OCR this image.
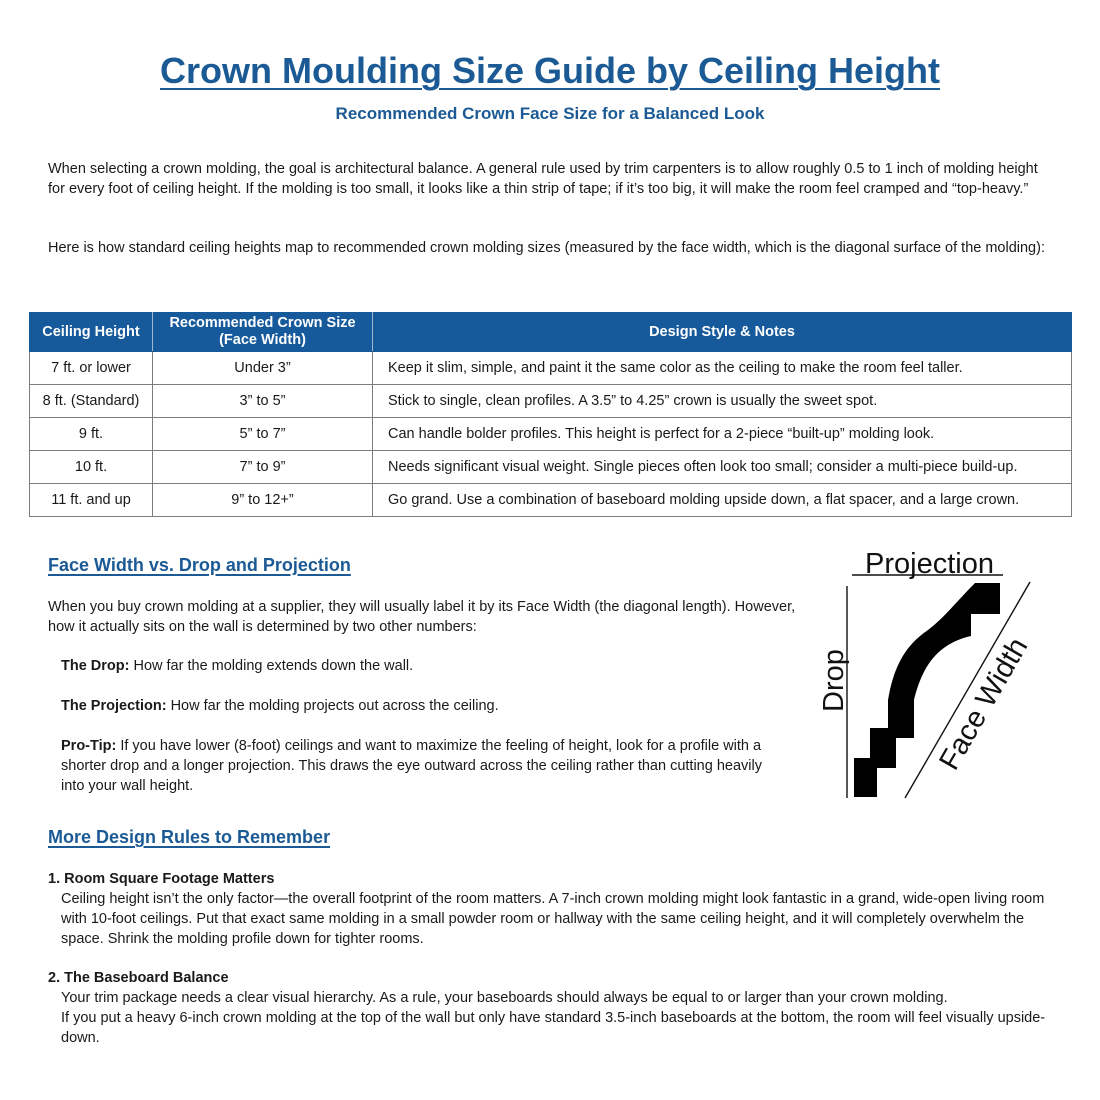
Crown Moulding Size Guide by Ceiling Height
Recommended Crown Face Size for a Balanced Look
When selecting a crown molding, the goal is architectural balance. A general rule used by trim carpenters is to allow roughly 0.5 to 1 inch of molding height for every foot of ceiling height. If the molding is too small, it looks like a thin strip of tape; if it’s too big, it will make the room feel cramped and “top-heavy.”
Here is how standard ceiling heights map to recommended crown molding sizes (measured by the face width, which is the diagonal surface of the molding):
Ceiling Height	Recommended Crown Size (Face Width)	Design Style & Notes
7 ft. or lower	Under 3”	Keep it slim, simple, and paint it the same color as the ceiling to make the room feel taller.
8 ft. (Standard)	3” to 5”	Stick to single, clean profiles. A 3.5” to 4.25” crown is usually the sweet spot.
9 ft.	5” to 7”	Can handle bolder profiles. This height is perfect for a 2-piece “built-up” molding look.
10 ft.	7” to 9”	Needs significant visual weight. Single pieces often look too small; consider a multi-piece build-up.
11 ft. and up	9” to 12+”	Go grand. Use a combination of baseboard molding upside down, a flat spacer, and a large crown.
Face Width vs. Drop and Projection
When you buy crown molding at a supplier, they will usually label it by its Face Width (the diagonal length). However, how it actually sits on the wall is determined by two other numbers:
The Drop: How far the molding extends down the wall.
The Projection: How far the molding projects out across the ceiling.
Pro-Tip: If you have lower (8-foot) ceilings and want to maximize the feeling of height, look for a profile with a shorter drop and a longer projection. This draws the eye outward across the ceiling rather than cutting heavily into your wall height.
Projection
Drop	Face Width
More Design Rules to Remember
1. Room Square Footage Matters
Ceiling height isn’t the only factor—the overall footprint of the room matters. A 7-inch crown molding might look fantastic in a grand, wide-open living room with 10-foot ceilings. Put that exact same molding in a small powder room or hallway with the same ceiling height, and it will completely overwhelm the space. Shrink the molding profile down for tighter rooms.
2. The Baseboard Balance
Your trim package needs a clear visual hierarchy. As a rule, your baseboards should always be equal to or larger than your crown molding.
If you put a heavy 6-inch crown molding at the top of the wall but only have standard 3.5-inch baseboards at the bottom, the room will feel visually upside-down.
